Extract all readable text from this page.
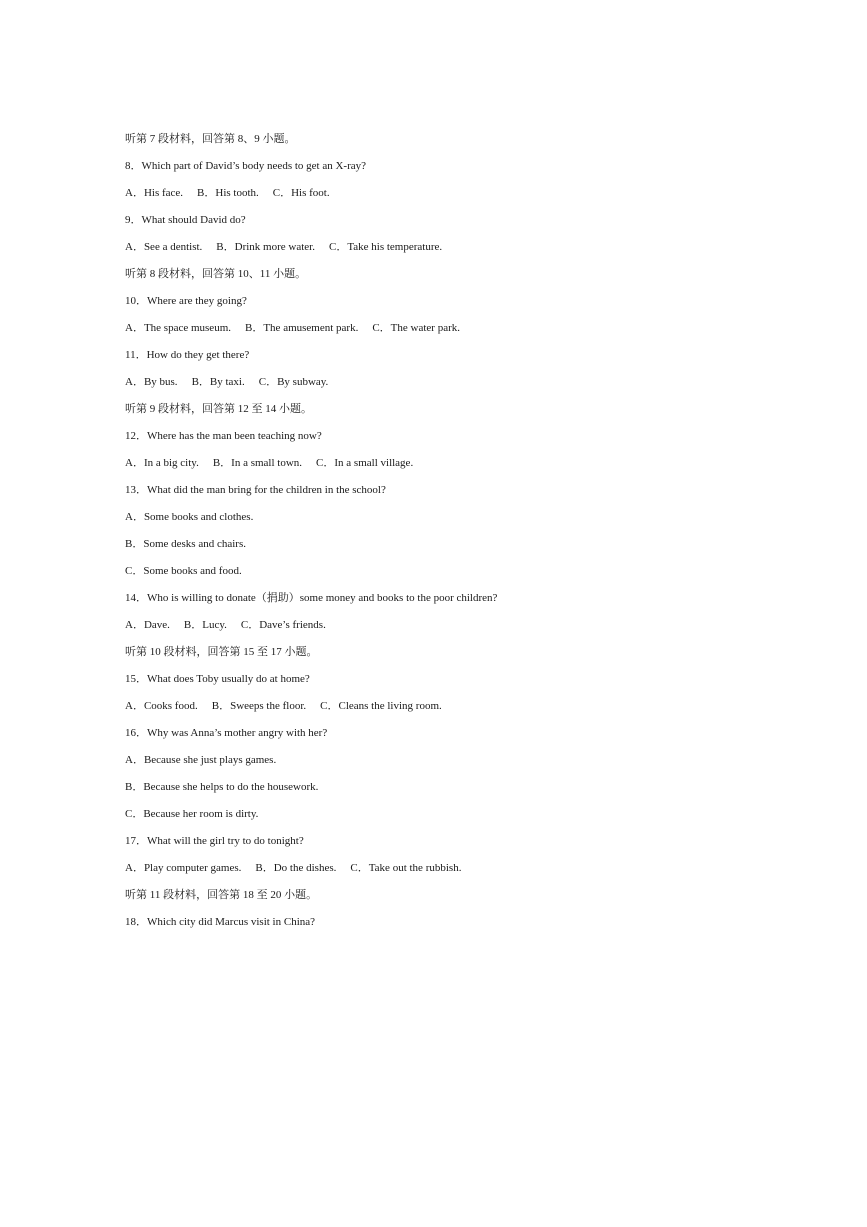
听第 7 段材料，回答第 8、9 小题。
8．Which part of David’s body needs to get an X-ray?
A．His face. B．His tooth. C．His foot.
9．What should David do?
A．See a dentist. B．Drink more water. C．Take his temperature.
听第 8 段材料，回答第 10、11 小题。
10．Where are they going?
A．The space museum. B．The amusement park. C．The water park.
11．How do they get there?
A．By bus. B．By taxi. C．By subway.
听第 9 段材料，回答第 12 至 14 小题。
12．Where has the man been teaching now?
A．In a big city. B．In a small town. C．In a small village.
13．What did the man bring for the children in the school?
A．Some books and clothes.
B．Some desks and chairs.
C．Some books and food.
14．Who is willing to donate（捐助）some money and books to the poor children?
A．Dave. B．Lucy. C．Dave’s friends.
听第 10 段材料，回答第 15 至 17 小题。
15．What does Toby usually do at home?
A．Cooks food. B．Sweeps the floor. C．Cleans the living room.
16．Why was Anna’s mother angry with her?
A．Because she just plays games.
B．Because she helps to do the housework.
C．Because her room is dirty.
17．What will the girl try to do tonight?
A．Play computer games. B．Do the dishes. C．Take out the rubbish.
听第 11 段材料，回答第 18 至 20 小题。
18．Which city did Marcus visit in China?
